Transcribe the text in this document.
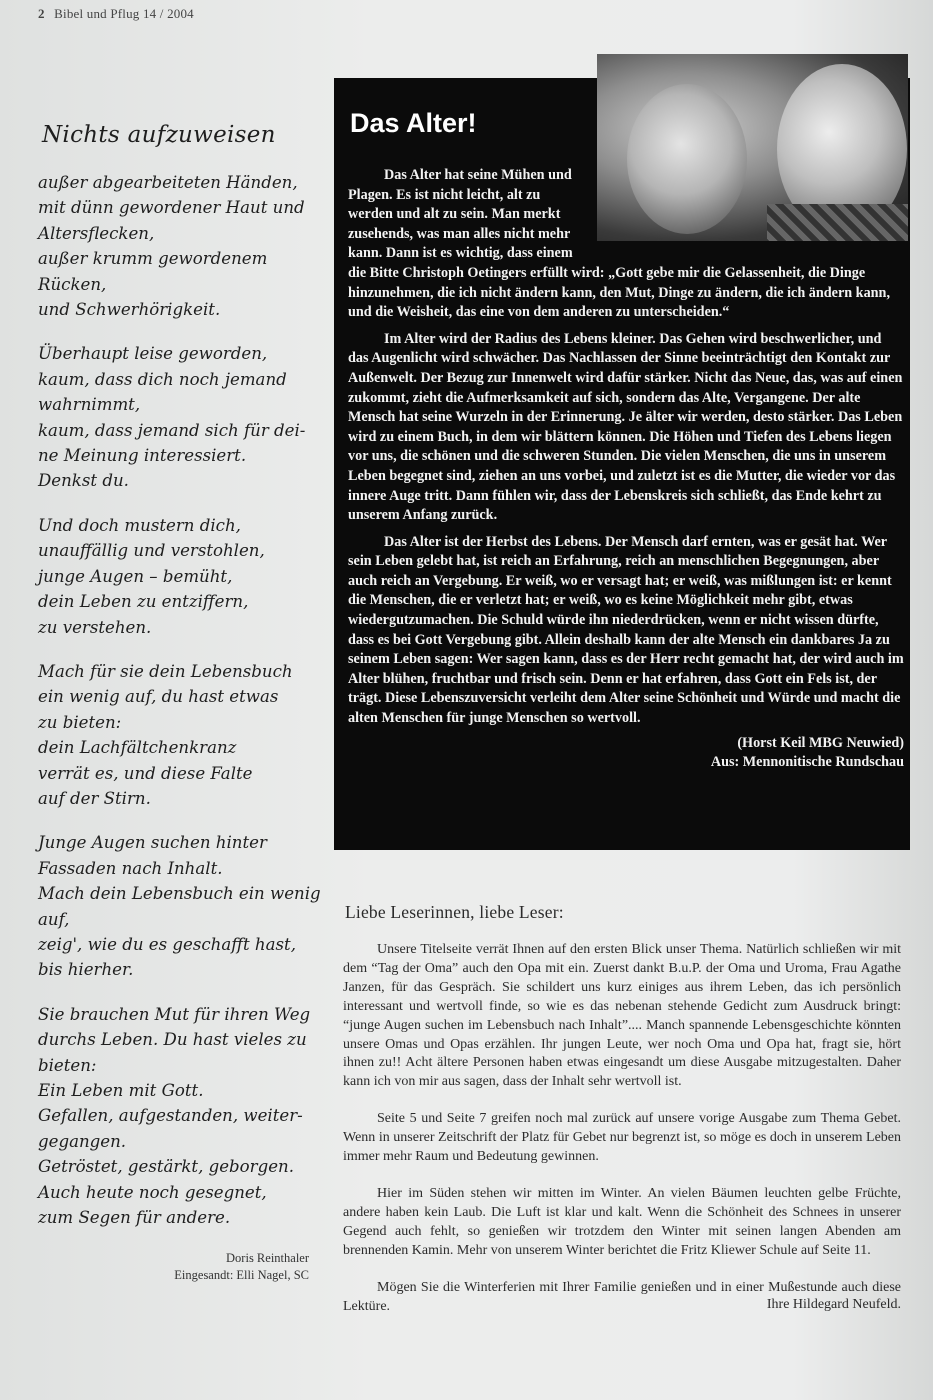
2 Bibel und Pflug 14 / 2004
Nichts aufzuweisen
außer abgearbeiteten Händen,
mit dünn gewordener Haut und
Altersflecken,
außer krumm gewordenem
Rücken,
und Schwerhörigkeit.
Überhaupt leise geworden,
kaum, dass dich noch jemand
wahrnimmt,
kaum, dass jemand sich für dei-
ne Meinung interessiert.
Denkst du.
Und doch mustern dich,
unauffällig und verstohlen,
junge Augen – bemüht,
dein Leben zu entziffern,
zu verstehen.
Mach für sie dein Lebensbuch
ein wenig auf, du hast etwas
zu bieten:
dein Lachfältchenkranz
verrät es, und diese Falte
auf der Stirn.
Junge Augen suchen hinter
Fassaden nach Inhalt.
Mach dein Lebensbuch ein wenig
auf,
zeig', wie du es geschafft hast,
bis hierher.
Sie brauchen Mut für ihren Weg
durchs Leben. Du hast vieles zu
bieten:
Ein Leben mit Gott.
Gefallen, aufgestanden, weiter-
gegangen.
Getröstet, gestärkt, geborgen.
Auch heute noch gesegnet,
zum Segen für andere.
Doris Reinthaler
Eingesandt: Elli Nagel, SC
Das Alter!

Das Alter hat seine Mühen und Plagen. Es ist nicht leicht, alt zu werden und alt zu sein. Man merkt zusehends, was man alles nicht mehr kann. Dann ist es wichtig, dass einem die Bitte Christoph Oetingers erfüllt wird: „Gott gebe mir die Gelassenheit, die Dinge hinzunehmen, die ich nicht ändern kann, den Mut, Dinge zu ändern, die ich ändern kann, und die Weisheit, das eine von dem anderen zu unterscheiden.“

Im Alter wird der Radius des Lebens kleiner. Das Gehen wird beschwerlicher, und das Augenlicht wird schwächer. Das Nachlassen der Sinne beeinträchtigt den Kontakt zur Außenwelt. Der Bezug zur Innenwelt wird dafür stärker. Nicht das Neue, das, was auf einen zukommt, zieht die Aufmerksamkeit auf sich, sondern das Alte, Vergangene. Der alte Mensch hat seine Wurzeln in der Erinnerung. Je älter wir werden, desto stärker. Das Leben wird zu einem Buch, in dem wir blättern können. Die Höhen und Tiefen des Lebens liegen vor uns, die schönen und die schweren Stunden. Die vielen Menschen, die uns in unserem Leben begegnet sind, ziehen an uns vorbei, und zuletzt ist es die Mutter, die wieder vor das innere Auge tritt. Dann fühlen wir, dass der Lebenskreis sich schließt, das Ende kehrt zu unserem Anfang zurück.

Das Alter ist der Herbst des Lebens. Der Mensch darf ernten, was er gesät hat. Wer sein Leben gelebt hat, ist reich an Erfahrung, reich an menschlichen Begegnungen, aber auch reich an Vergebung. Er weiß, wo er versagt hat; er weiß, was mißlungen ist: er kennt die Menschen, die er verletzt hat; er weiß, wo es keine Möglichkeit mehr gibt, etwas wiedergutzumachen. Die Schuld würde ihn niederdrücken, wenn er nicht wissen dürfte, dass es bei Gott Vergebung gibt. Allein deshalb kann der alte Mensch ein dankbares Ja zu seinem Leben sagen: Wer sagen kann, dass es der Herr recht gemacht hat, der wird auch im Alter blühen, fruchtbar und frisch sein. Denn er hat erfahren, dass Gott ein Fels ist, der trägt. Diese Lebenszuversicht verleiht dem Alter seine Schönheit und Würde und macht die alten Menschen für junge Menschen so wertvoll.

(Horst Keil MBG Neuwied)
Aus: Mennonitische Rundschau
Liebe Leserinnen, liebe Leser:

Unsere Titelseite verrät Ihnen auf den ersten Blick unser Thema. Natürlich schließen wir mit dem “Tag der Oma” auch den Opa mit ein. Zuerst dankt B.u.P. der Oma und Uroma, Frau Agathe Janzen, für das Gespräch. Sie schildert uns kurz einiges aus ihrem Leben, das ich persönlich interessant und wertvoll finde, so wie es das nebenan stehende Gedicht zum Ausdruck bringt: “junge Augen suchen im Lebensbuch nach Inhalt”.... Manch spannende Lebensgeschichte könnten unsere Omas und Opas erzählen. Ihr jungen Leute, wer noch Oma und Opa hat, fragt sie, hört ihnen zu!! Acht ältere Personen haben etwas eingesandt um diese Ausgabe mitzugestalten. Daher kann ich von mir aus sagen, dass der Inhalt sehr wertvoll ist.

Seite 5 und Seite 7 greifen noch mal zurück auf unsere vorige Ausgabe zum Thema Gebet. Wenn in unserer Zeitschrift der Platz für Gebet nur begrenzt ist, so möge es doch in unserem Leben immer mehr Raum und Bedeutung gewinnen.

Hier im Süden stehen wir mitten im Winter. An vielen Bäumen leuchten gelbe Früchte, andere haben kein Laub. Die Luft ist klar und kalt. Wenn die Schönheit des Schnees in unserer Gegend auch fehlt, so genießen wir trotzdem den Winter mit seinen langen Abenden am brennenden Kamin. Mehr von unserem Winter berichtet die Fritz Kliewer Schule auf Seite 11.

Mögen Sie die Winterferien mit Ihrer Familie genießen und in einer Mußestunde auch diese Lektüre.	Ihre Hildegard Neufeld.
